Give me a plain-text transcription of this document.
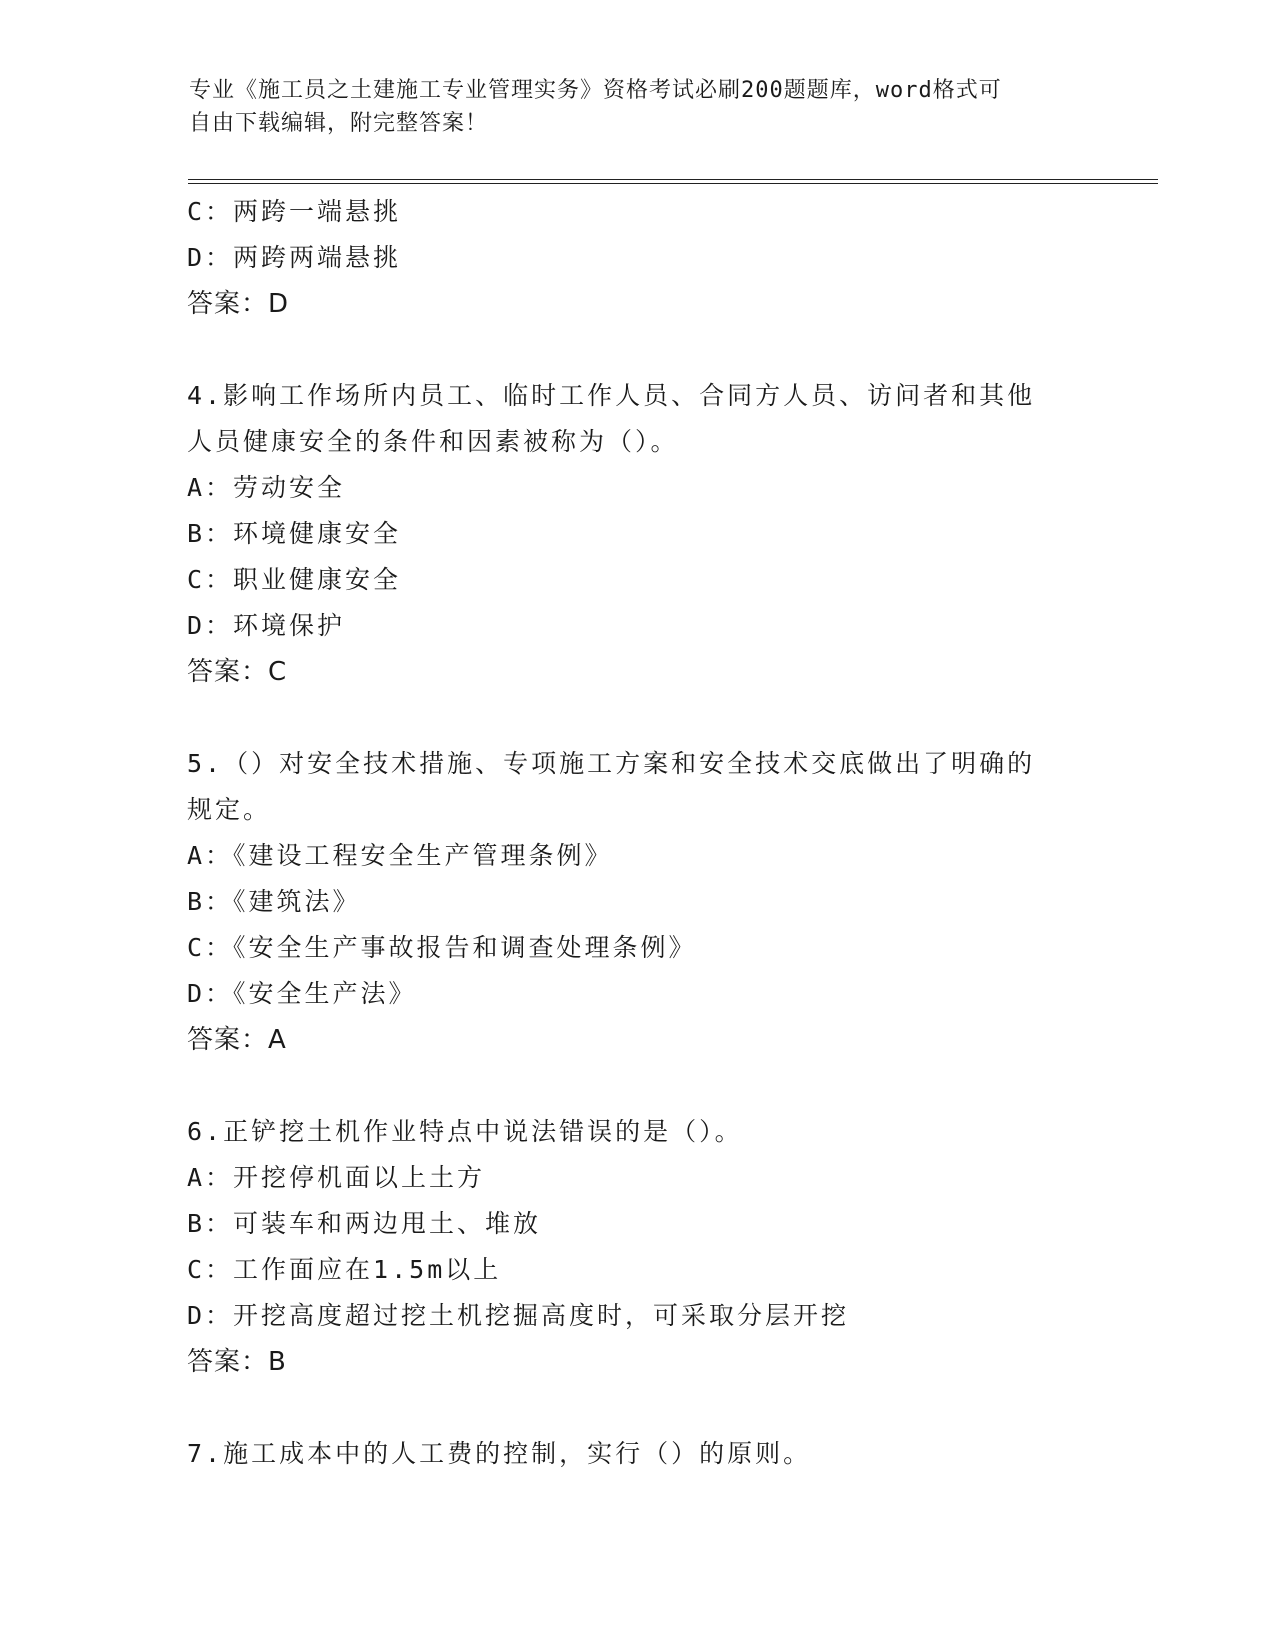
专业《施工员之土建施工专业管理实务》资格考试必刷200题题库，word格式可
自由下载编辑，附完整答案！
C：两跨一端悬挑
D：两跨两端悬挑
答案：D
4.影响工作场所内员工、临时工作人员、合同方人员、访问者和其他
人员健康安全的条件和因素被称为（）。
A：劳动安全
B：环境健康安全
C：职业健康安全
D：环境保护
答案：C
5.（）对安全技术措施、专项施工方案和安全技术交底做出了明确的
规定。
A：《建设工程安全生产管理条例》
B：《建筑法》
C：《安全生产事故报告和调查处理条例》
D：《安全生产法》
答案：A
6.正铲挖土机作业特点中说法错误的是（）。
A：开挖停机面以上土方
B：可装车和两边甩土、堆放
C：工作面应在1.5m以上
D：开挖高度超过挖土机挖掘高度时，可采取分层开挖
答案：B
7.施工成本中的人工费的控制，实行（）的原则。
